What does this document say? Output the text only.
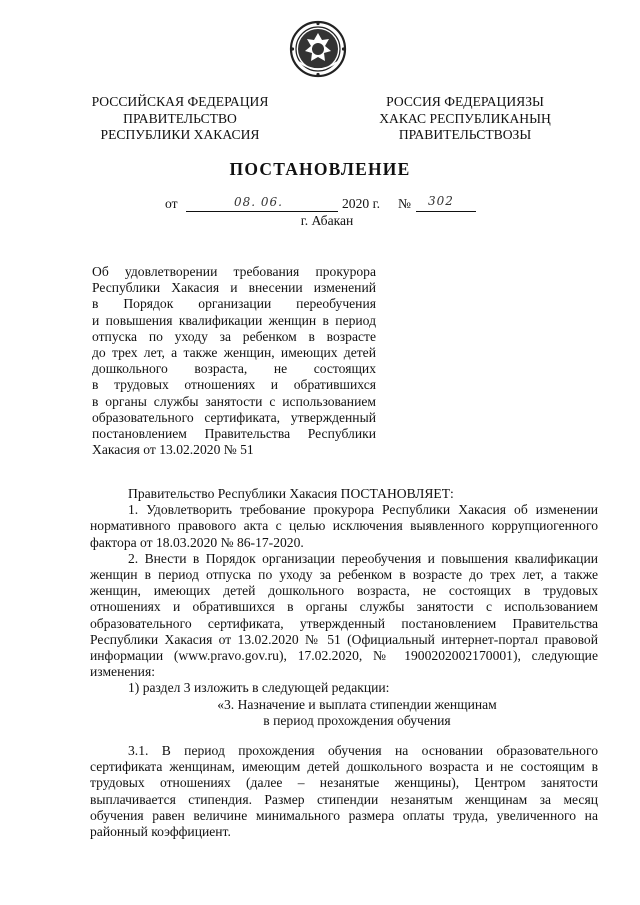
РОССИЙСКАЯ ФЕДЕРАЦИЯ
ПРАВИТЕЛЬСТВО
РЕСПУБЛИКИ ХАКАСИЯ
РОССИЯ ФЕДЕРАЦИЯЗЫ
ХАКАС РЕСПУБЛИКАНЫҢ
ПРАВИТЕЛЬСТВОЗЫ
ПОСТАНОВЛЕНИЕ
от	08. 06.	2020 г. № 302
г. Абакан
Об удовлетворении требования прокурора
Республики Хакасия и внесении изменений
в Порядок организации переобучения
и повышения квалификации женщин в период
отпуска по уходу за ребенком в возрасте
до трех лет, а также женщин, имеющих детей
дошкольного возраста, не состоящих
в трудовых отношениях и обратившихся
в органы службы занятости с использованием
образовательного сертификата, утвержденный
постановлением Правительства Республики
Хакасия от 13.02.2020 № 51
Правительство Республики Хакасия ПОСТАНОВЛЯЕТ:
1. Удовлетворить требование прокурора Республики Хакасия об изменении
нормативного правового акта с целью исключения выявленного коррупциогенного
фактора от 18.03.2020 № 86-17-2020.
2. Внести в Порядок организации переобучения и повышения квалификации
женщин в период отпуска по уходу за ребенком в возрасте до трех лет, а также
женщин, имеющих детей дошкольного возраста, не состоящих в трудовых
отношениях и обратившихся в органы службы занятости с использованием
образовательного сертификата, утвержденный постановлением Правительства
Республики Хакасия от 13.02.2020 № 51 (Официальный интернет-портал правовой
информации (www.pravo.gov.ru), 17.02.2020, № 1900202002170001), следующие
изменения:
1) раздел 3 изложить в следующей редакции:
«3. Назначение и выплата стипендии женщинам
в период прохождения обучения
3.1. В период прохождения обучения на основании образовательного
сертификата женщинам, имеющим детей дошкольного возраста и не состоящим в
трудовых отношениях (далее – незанятые женщины), Центром занятости
выплачивается стипендия. Размер стипендии незанятым женщинам за месяц
обучения равен величине минимального размера оплаты труда, увеличенного на
районный коэффициент.
